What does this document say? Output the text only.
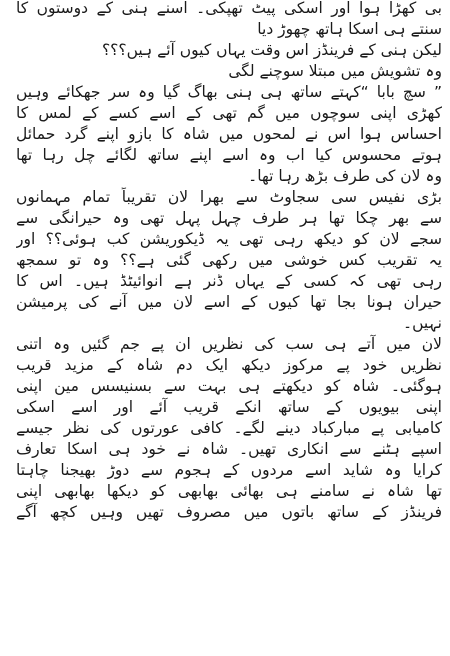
بی کھڑا ہوا اور اسکی پیٹ تھپکی۔ اسنے ہنی کے دوستوں کا
سنتے ہی اسکا ہاتھ چھوڑ دیا
لیکن ہنی کے فرینڈز اس وقت یہاں کیوں آئے ہیں؟؟؟
وہ تشویش میں مبتلا سوچنے لگی
” سچ بابا “کہتے ساتھ ہی ہنی بھاگ گیا وہ سر جھکائے وہیں
کھڑی اپنی سوچوں میں گم تھی کے اسے کسے کے لمس کا
احساس ہوا اس نے لمحوں میں شاہ کا بازو اپنے گرد حمائل
ہوتے محسوس کیا اب وہ اسے اپنے ساتھ لگائے چل رہا تھا
وہ لان کی طرف بڑھ رہا تھا۔
بڑی نفیس سی سجاوٹ سے بھرا لان تقریباً تمام مہمانوں
سے بھر چکا تھا ہر طرف چہل پہل تھی وہ حیرانگی سے
سجے لان کو دیکھ رہی تھی یہ ڈیکوریشن کب ہوئی؟؟ اور
یہ تقریب کس خوشی میں رکھی گئی ہے؟؟ وہ تو سمجھ
رہی تھی کہ کسی کے یہاں ڈنر ہے انوائیٹڈ ہیں۔ اس کا
حیران ہونا بجا تھا کیوں کے اسے لان میں آنے کی پرمیشن
نہیں۔
لان میں آتے ہی سب کی نظریں ان پے جم گئیں وہ اتنی
نظریں خود پے مرکوز دیکھ ایک دم شاہ کے مزید قریب
ہوگئی۔ شاہ کو دیکھتے ہی بہت سے بسنیسس مین اپنی
اپنی بیویوں کے ساتھ انکے قریب آئے اور اسے اسکی
کامیابی پے مبارکباد دینے لگے۔ کافی عورتوں کی نظر جیسے
اسپے ہٹنے سے انکاری تھیں۔ شاہ نے خود ہی اسکا تعارف
کرایا وہ شاید اسے مردوں کے ہجوم سے دوڑ بھیجنا چاہتا
تھا شاہ نے سامنے ہی بھائی بھابھی کو دیکھا بھابھی اپنی
فرینڈز کے ساتھ باتوں میں مصروف تھیں وہیں کچھ آگے
